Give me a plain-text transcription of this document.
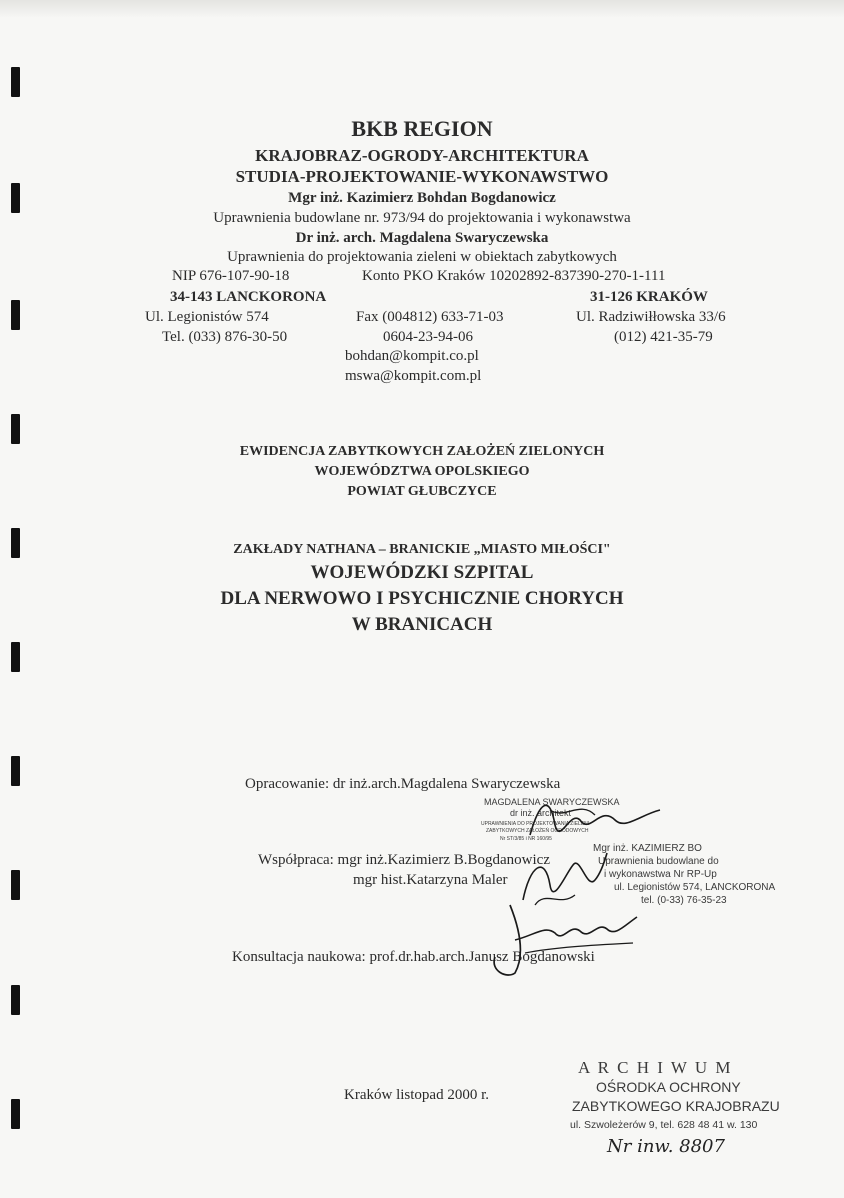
BKB REGION
KRAJOBRAZ-OGRODY-ARCHITEKTURA
STUDIA-PROJEKTOWANIE-WYKONAWSTWO
Mgr inż. Kazimierz Bohdan Bogdanowicz
Uprawnienia budowlane nr. 973/94 do projektowania i wykonawstwa
Dr inż. arch. Magdalena Swaryczewska
Uprawnienia do projektowania zieleni w obiektach zabytkowych
NIP 676-107-90-18	Konto PKO Kraków 10202892-837390-270-1-111
34-143 LANCKORONA
Ul. Legionistów 574
Tel. (033) 876-30-50
Fax (004812) 633-71-03
0604-23-94-06
bohdan@kompit.co.pl
mswa@kompit.com.pl
31-126 KRAKÓW
Ul. Radziwiłłowska 33/6
(012) 421-35-79
EWIDENCJA ZABYTKOWYCH ZAŁOŻEŃ ZIELONYCH
WOJEWÓDZTWA OPOLSKIEGO
POWIAT GŁUBCZYCE
ZAKŁADY NATHANA – BRANICKIE „MIASTO MIŁOŚCI"
WOJEWÓDZKI SZPITAL
DLA NERWOWO I PSYCHICZNIE CHORYCH
W BRANICACH
Opracowanie: dr inż.arch.Magdalena Swaryczewska
Współpraca: mgr inż.Kazimierz B.Bogdanowicz
mgr hist.Katarzyna Maler
Konsultacja naukowa: prof.dr.hab.arch.Janusz Bogdanowski
MAGDALENA SWARYCZEWSKA
dr inż. architekt
UPRAWNIENIA DO PROJEKTOWANIA ZIELENI
ZABYTKOWYCH ZAŁOŻEŃ OGRODOWYCH
Nr ST/3/85 i NR 160/95
Mgr inż. KAZIMIERZ BO
Uprawnienia budowlane do
i wykonawstwa Nr RP-Up
ul. Legionistów 574, LANCKORONA
tel. (0-33) 76-35-23
Kraków listopad 2000 r.
A R C H I W U M
OŚRODKA OCHRONY
ZABYTKOWEGO KRAJOBRAZU
ul. Szwoleżerów 9, tel. 628 48 41 w. 130
Nr inw. 8807
